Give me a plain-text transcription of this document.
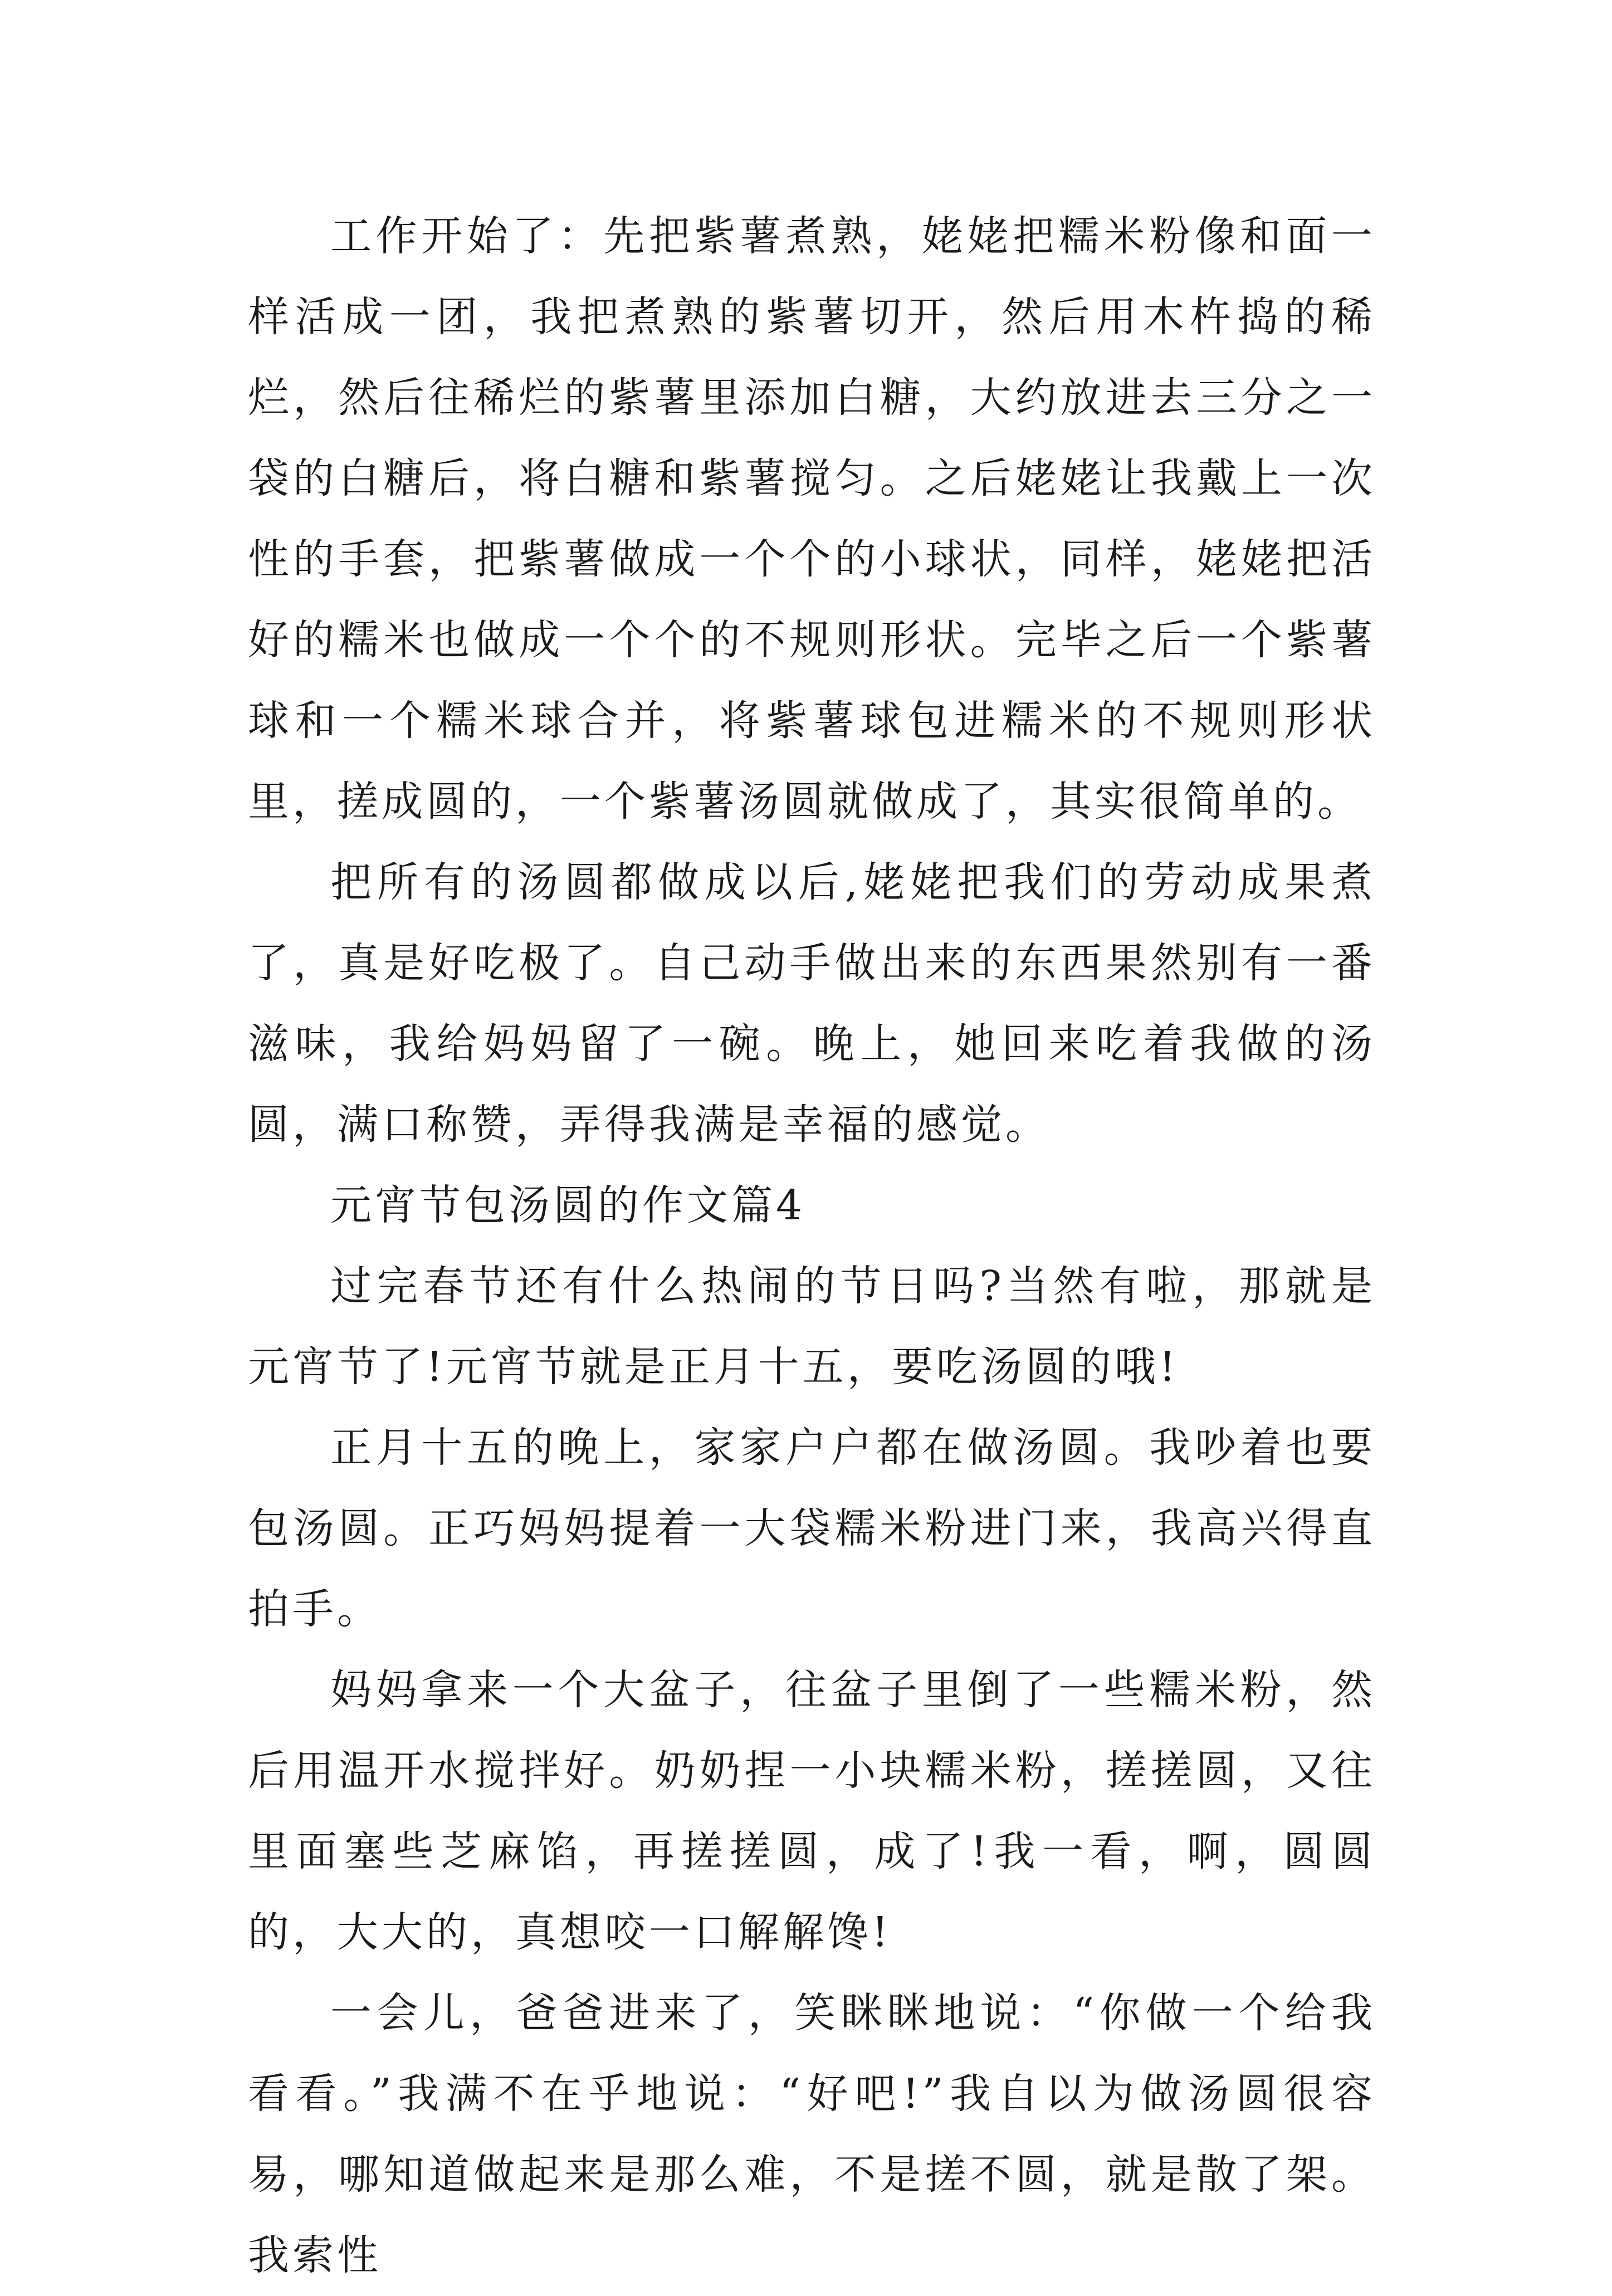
工作开始了：先把紫薯煮熟，姥姥把糯米粉像和面一样活成一团，我把煮熟的紫薯切开，然后用木杵捣的稀烂，然后往稀烂的紫薯里添加白糖，大约放进去三分之一袋的白糖后，将白糖和紫薯搅匀。之后姥姥让我戴上一次性的手套，把紫薯做成一个个的小球状，同样，姥姥把活好的糯米也做成一个个的不规则形状。完毕之后一个紫薯球和一个糯米球合并，将紫薯球包进糯米的不规则形状里，搓成圆的，一个紫薯汤圆就做成了，其实很简单的。

把所有的汤圆都做成以后,姥姥把我们的劳动成果煮了，真是好吃极了。自己动手做出来的东西果然别有一番滋味，我给妈妈留了一碗。晚上，她回来吃着我做的汤圆，满口称赞，弄得我满是幸福的感觉。

元宵节包汤圆的作文篇4

过完春节还有什么热闹的节日吗?当然有啦，那就是元宵节了!元宵节就是正月十五，要吃汤圆的哦!

正月十五的晚上，家家户户都在做汤圆。我吵着也要包汤圆。正巧妈妈提着一大袋糯米粉进门来，我高兴得直拍手。

妈妈拿来一个大盆子，往盆子里倒了一些糯米粉，然后用温开水搅拌好。奶奶捏一小块糯米粉，搓搓圆，又往里面塞些芝麻馅，再搓搓圆，成了!我一看，啊，圆圆的，大大的，真想咬一口解解馋!

一会儿，爸爸进来了，笑眯眯地说：“你做一个给我看看。”我满不在乎地说：“好吧!”我自以为做汤圆很容易，哪知道做起来是那么难，不是搓不圆，就是散了架。我索性
